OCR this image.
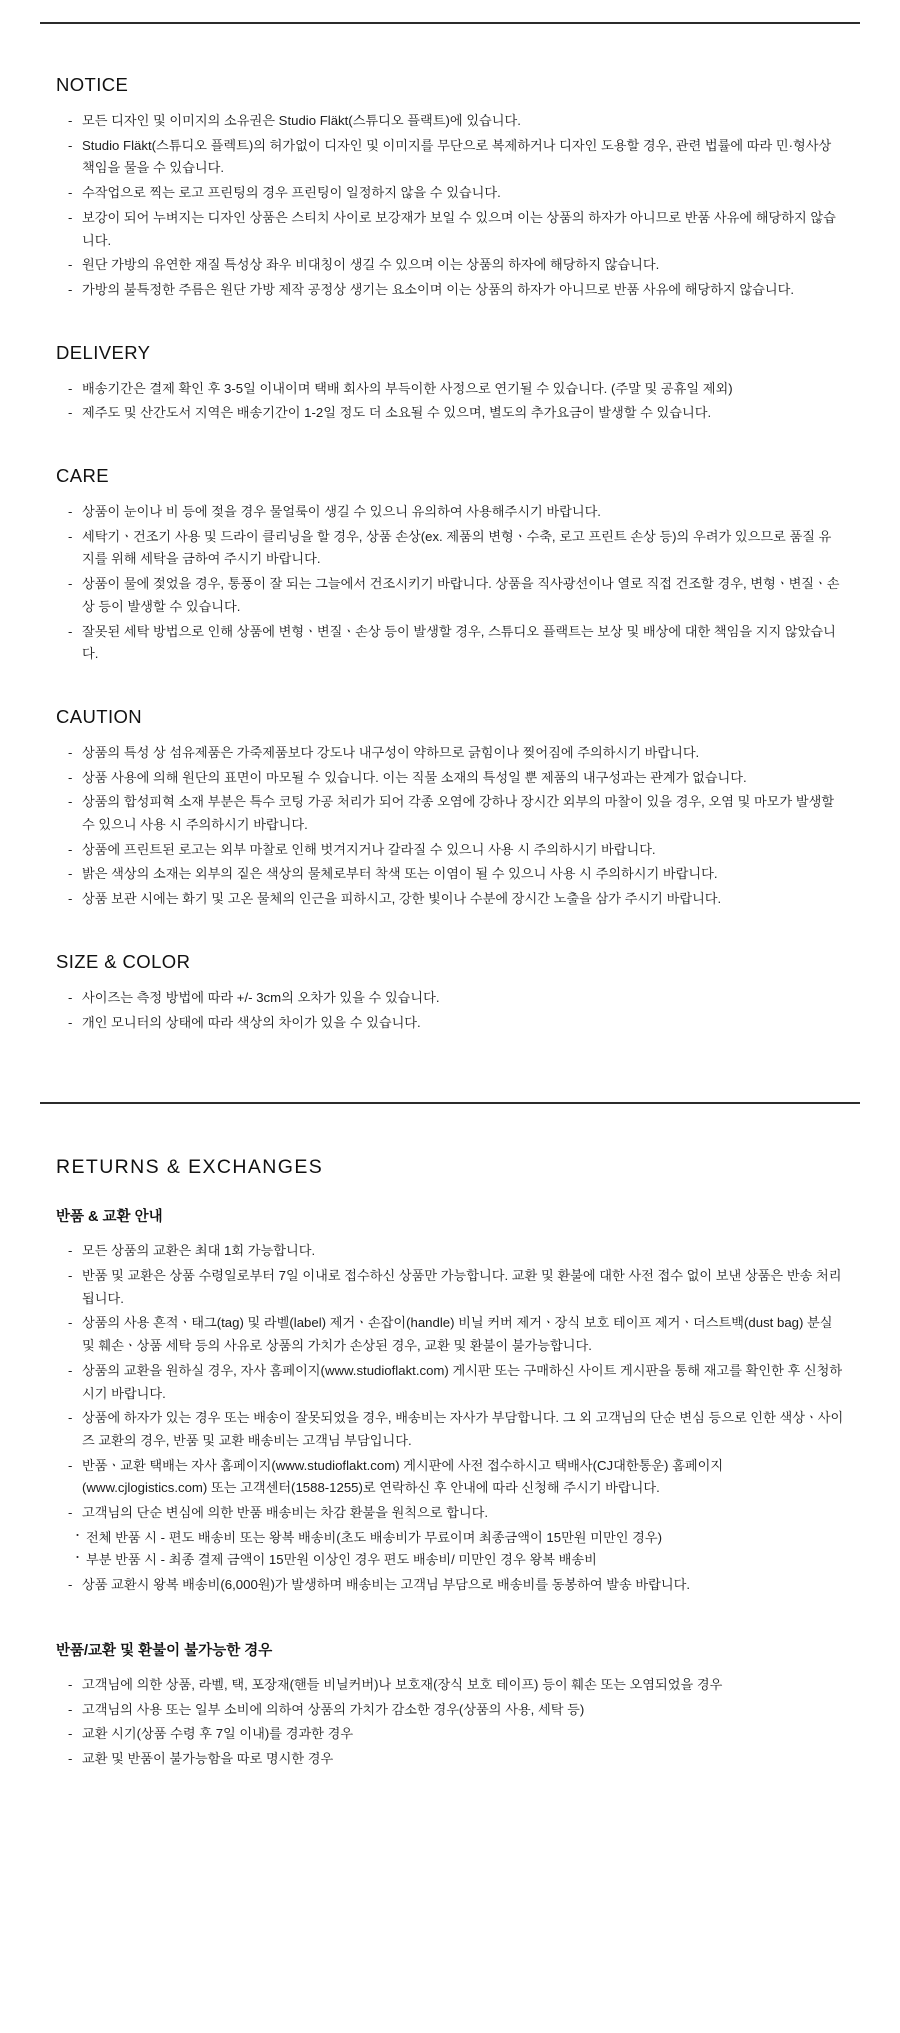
NOTICE
- 모든 디자인 및 이미지의 소유권은 Studio Fläkt(스튜디오 플랙트)에 있습니다.
- Studio Fläkt(스튜디오 플렉트)의 허가없이 디자인 및 이미지를 무단으로 복제하거나 디자인 도용할 경우, 관련 법률에 따라 민·형사상 책임을 물을 수 있습니다.
- 수작업으로 찍는 로고 프린팅의 경우 프린팅이 일정하지 않을 수 있습니다.
- 보강이 되어 누벼지는 디자인 상품은 스티치 사이로 보강재가 보일 수 있으며 이는 상품의 하자가 아니므로 반품 사유에 해당하지 않습니다.
- 원단 가방의 유연한 재질 특성상 좌우 비대칭이 생길 수 있으며 이는 상품의 하자에 해당하지 않습니다.
- 가방의 불특정한 주름은 원단 가방 제작 공정상 생기는 요소이며 이는 상품의 하자가 아니므로 반품 사유에 해당하지 않습니다.
DELIVERY
- 배송기간은 결제 확인 후 3-5일 이내이며 택배 회사의 부득이한 사정으로 연기될 수 있습니다. (주말 및 공휴일 제외)
- 제주도 및 산간도서 지역은 배송기간이 1-2일 정도 더 소요될 수 있으며, 별도의 추가요금이 발생할 수 있습니다.
CARE
- 상품이 눈이나 비 등에 젖을 경우 물얼룩이 생길 수 있으니 유의하여 사용해주시기 바랍니다.
- 세탁기ㆍ건조기 사용 및 드라이 클리닝을 할 경우, 상품 손상(ex. 제품의 변형ㆍ수축, 로고 프린트 손상 등)의 우려가 있으므로 품질 유지를 위해 세탁을 금하여 주시기 바랍니다.
- 상품이 물에 젖었을 경우, 통풍이 잘 되는 그늘에서 건조시키기 바랍니다. 상품을 직사광선이나 열로 직접 건조할 경우, 변형ㆍ변질ㆍ손상 등이 발생할 수 있습니다.
- 잘못된 세탁 방법으로 인해 상품에 변형ㆍ변질ㆍ손상 등이 발생할 경우, 스튜디오 플랙트는 보상 및 배상에 대한 책임을 지지 않았습니다.
CAUTION
- 상품의 특성 상 섬유제품은 가죽제품보다 강도나 내구성이 약하므로 긁힘이나 찢어짐에 주의하시기 바랍니다.
- 상품 사용에 의해 원단의 표면이 마모될 수 있습니다. 이는 직물 소재의 특성일 뿐 제품의 내구성과는 관계가 없습니다.
- 상품의 합성피혁 소재 부분은 특수 코팅 가공 처리가 되어 각종 오염에 강하나 장시간 외부의 마찰이 있을 경우, 오염 및 마모가 발생할 수 있으니 사용 시 주의하시기 바랍니다.
- 상품에 프린트된 로고는 외부 마찰로 인해 벗겨지거나 갈라질 수 있으니 사용 시 주의하시기 바랍니다.
- 밝은 색상의 소재는 외부의 짙은 색상의 물체로부터 착색 또는 이염이 될 수 있으니 사용 시 주의하시기 바랍니다.
- 상품 보관 시에는 화기 및 고온 물체의 인근을 피하시고, 강한 빛이나 수분에 장시간 노출을 삼가 주시기 바랍니다.
SIZE & COLOR
- 사이즈는 측정 방법에 따라 +/- 3cm의 오차가 있을 수 있습니다.
- 개인 모니터의 상태에 따라 색상의 차이가 있을 수 있습니다.
RETURNS & EXCHANGES
반품 & 교환 안내
- 모든 상품의 교환은 최대 1회 가능합니다.
- 반품 및 교환은 상품 수령일로부터 7일 이내로 접수하신 상품만 가능합니다. 교환 및 환불에 대한 사전 접수 없이 보낸 상품은 반송 처리됩니다.
- 상품의 사용 흔적ㆍ태그(tag) 및 라벨(label) 제거ㆍ손잡이(handle) 비닐 커버 제거ㆍ장식 보호 테이프 제거ㆍ더스트백(dust bag) 분실 및 훼손ㆍ상품 세탁 등의 사유로 상품의 가치가 손상된 경우, 교환 및 환불이 불가능합니다.
- 상품의 교환을 원하실 경우, 자사 홈페이지(www.studioflakt.com) 게시판 또는 구매하신 사이트 게시판을 통해 재고를 확인한 후 신청하시기 바랍니다.
- 상품에 하자가 있는 경우 또는 배송이 잘못되었을 경우, 배송비는 자사가 부담합니다. 그 외 고객님의 단순 변심 등으로 인한 색상ㆍ사이즈 교환의 경우, 반품 및 교환 배송비는 고객님 부담입니다.
- 반품ㆍ교환 택배는 자사 홈페이지(www.studioflakt.com) 게시판에 사전 접수하시고 택배사(CJ대한통운) 홈페이지(www.cjlogistics.com) 또는 고객센터(1588-1255)로 연락하신 후 안내에 따라 신청해 주시기 바랍니다.
- 고객님의 단순 변심에 의한 반품 배송비는 차감 환불을 원칙으로 합니다.
・ 전체 반품 시 - 편도 배송비 또는 왕복 배송비(초도 배송비가 무료이며 최종금액이 15만원 미만인 경우)
・ 부분 반품 시 - 최종 결제 금액이 15만원 이상인 경우 편도 배송비/ 미만인 경우 왕복 배송비
- 상품 교환시 왕복 배송비(6,000원)가 발생하며 배송비는 고객님 부담으로 배송비를 동봉하여 발송 바랍니다.
반품/교환 및 환불이 불가능한 경우
- 고객님에 의한 상품, 라벨, 택, 포장재(핸들 비닐커버)나 보호재(장식 보호 테이프) 등이 훼손 또는 오염되었을 경우
- 고객님의 사용 또는 일부 소비에 의하여 상품의 가치가 감소한 경우(상품의 사용, 세탁 등)
- 교환 시기(상품 수령 후 7일 이내)를 경과한 경우
- 교환 및 반품이 불가능함을 따로 명시한 경우
